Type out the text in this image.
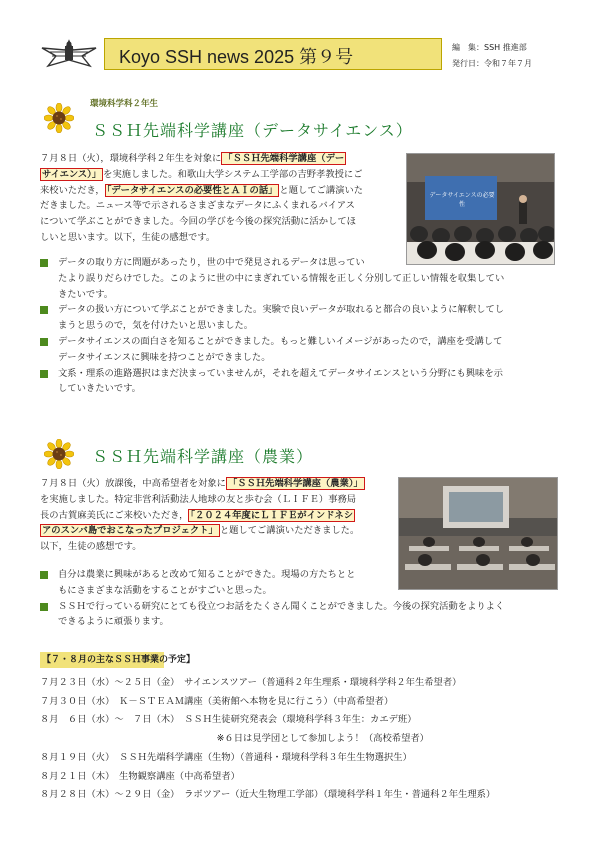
Koyo SSH news 2025 第９号	編　集：SSH 推進部
発行日：令和７年７月
環境科学科２年生
ＳＳＨ先端科学講座（データサイエンス）
７月８日（火），環境科学科２年生を対象に 「ＳＳＨ先端科学講座（デー
サイエンス）」 を実施しました。和歌山大学システム工学部の吉野孝教授にご
来校いただき， 「データサイエンスの必要性とＡＩの話」 と題してご講演いた
だきました。ニュース等で示されるさまざまなデータにふくまれるバイアス
について学ぶことができました。今回の学びを今後の探究活動に活かしてほ
しいと思います。以下，生徒の感想です。
データサイエンスの必要性
データの取り方に問題があったり，世の中で発見されるデータは思ってい
たより誤りだらけでした。このように世の中にまぎれている情報を正しく分別して正しい情報を収集してい
きたいです。
データの扱い方について学ぶことができました。実験で良いデータが取れると都合の良いように解釈してし
まうと思うので，気を付けたいと思いました。
データサイエンスの面白さを知ることができました。もっと難しいイメージがあったので，講座を受講して
データサイエンスに興味を持つことができました。
文系・理系の進路選択はまだ決まっていませんが，それを超えてデータサイエンスという分野にも興味を示
していきたいです。
ＳＳＨ先端科学講座（農業）
７月８日（火）放課後，中高希望者を対象に 「ＳＳＨ先端科学講座（農業）」
を実施しました。特定非営利活動法人地球の友と歩む会（ＬＩＦＥ）事務局
長の古賀麻美氏にご来校いただき， 「２０２４年度にＬＩＦＥがインドネシ
アのスンバ島でおこなったプロジェクト」 と題してご講演いただきました。
以下，生徒の感想です。
自分は農業に興味があると改めて知ることができた。現場の方たちとと
もにさまざまな活動をすることがすごいと思った。
ＳＳＨで行っている研究にとても役立つお話をたくさん聞くことができました。今後の探究活動をよりよく
できるように頑張ります。
【７・８月の主なＳＳＨ事業の予定】
７月２３日（水）～２５日（金）　サイエンスツアー（普通科２年生理系・環境科学科２年生希望者）
７月３０日（水）　Ｋ－ＳＴＥＡＭ講座（美術館へ本物を見に行こう）（中高希望者）
８月　６日（水）～　７日（木）　ＳＳＨ生徒研究発表会（環境科学科３年生：カエデ班）
　　　　　　　　　　　　　　　　　　　※６日は見学団として参加しよう！（高校希望者）
８月１９日（火）　ＳＳＨ先端科学講座（生物）（普通科・環境科学科３年生生物選択生）
８月２１日（木）　生物観察講座（中高希望者）
８月２８日（木）～２９日（金）　ラボツアー（近大生物理工学部）（環境科学科１年生・普通科２年生理系）
